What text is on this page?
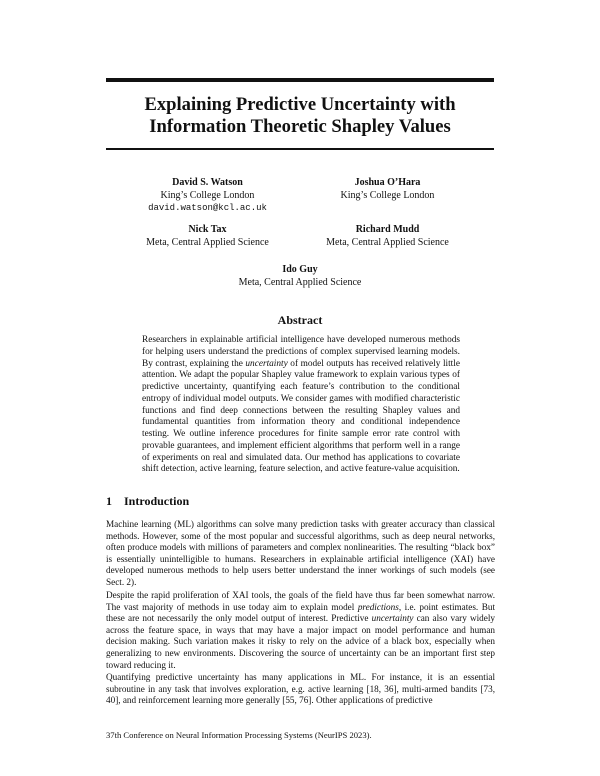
Explaining Predictive Uncertainty with
Information Theoretic Shapley Values
David S. Watson
King’s College London
david.watson@kcl.ac.uk
Joshua O’Hara
King’s College London
Nick Tax
Meta, Central Applied Science
Richard Mudd
Meta, Central Applied Science
Ido Guy
Meta, Central Applied Science
Abstract
Researchers in explainable artificial intelligence have developed numerous methods for helping users understand the predictions of complex supervised learning models. By contrast, explaining the uncertainty of model outputs has received relatively little attention. We adapt the popular Shapley value framework to explain various types of predictive uncertainty, quantifying each feature’s contribution to the conditional entropy of individual model outputs. We consider games with modified characteristic functions and find deep connections between the resulting Shapley values and fundamental quantities from information theory and conditional independence testing. We outline inference procedures for finite sample error rate control with provable guarantees, and implement efficient algorithms that perform well in a range of experiments on real and simulated data. Our method has applications to covariate shift detection, active learning, feature selection, and active feature-value acquisition.
1 Introduction
Machine learning (ML) algorithms can solve many prediction tasks with greater accuracy than classical methods. However, some of the most popular and successful algorithms, such as deep neural networks, often produce models with millions of parameters and complex nonlinearities. The resulting “black box” is essentially unintelligible to humans. Researchers in explainable artificial intelligence (XAI) have developed numerous methods to help users better understand the inner workings of such models (see Sect. 2).
Despite the rapid proliferation of XAI tools, the goals of the field have thus far been somewhat narrow. The vast majority of methods in use today aim to explain model predictions, i.e. point estimates. But these are not necessarily the only model output of interest. Predictive uncertainty can also vary widely across the feature space, in ways that may have a major impact on model performance and human decision making. Such variation makes it risky to rely on the advice of a black box, especially when generalizing to new environments. Discovering the source of uncertainty can be an important first step toward reducing it.
Quantifying predictive uncertainty has many applications in ML. For instance, it is an essential subroutine in any task that involves exploration, e.g. active learning [18, 36], multi-armed bandits [73, 40], and reinforcement learning more generally [55, 76]. Other applications of predictive
37th Conference on Neural Information Processing Systems (NeurIPS 2023).
